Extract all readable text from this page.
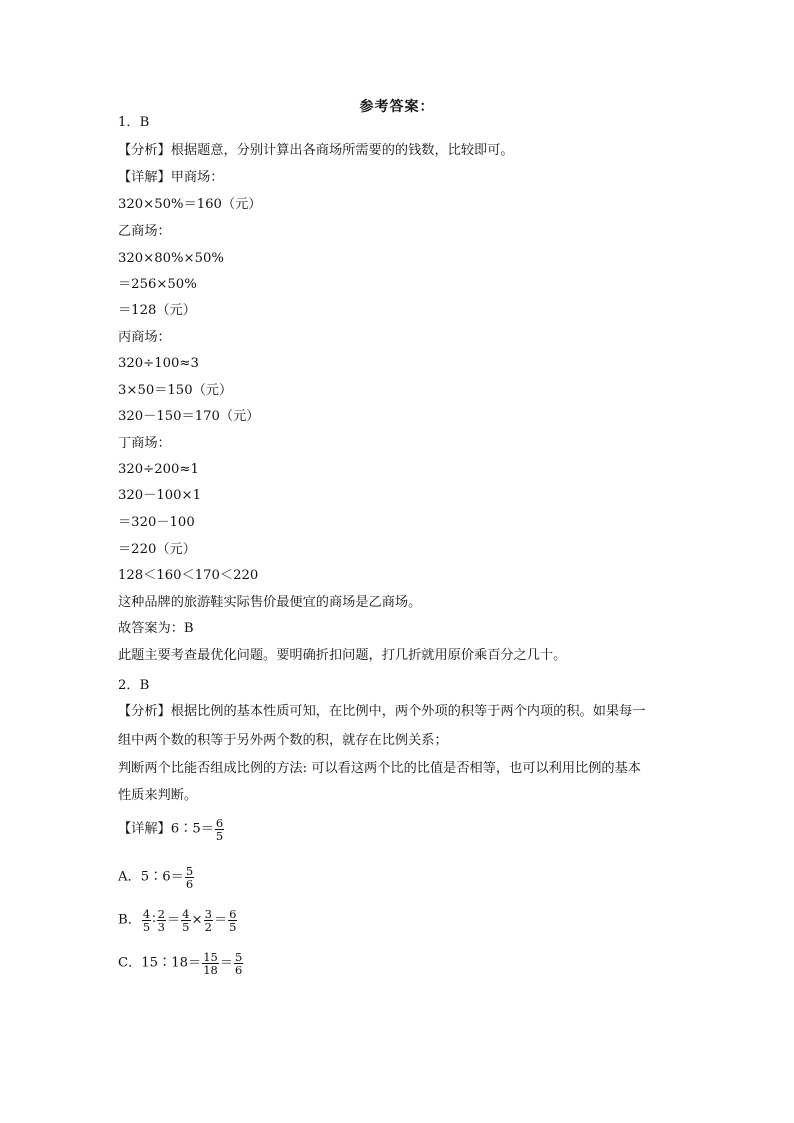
参考答案：
1．B
【分析】根据题意，分别计算出各商场所需要的的钱数，比较即可。
【详解】甲商场：
320×50%＝160（元）
乙商场：
320×80%×50%
＝256×50%
＝128（元）
丙商场：
320÷100≈3
3×50＝150（元）
320－150＝170（元）
丁商场：
320÷200≈1
320－100×1
＝320－100
＝220（元）
128＜160＜170＜220
这种品牌的旅游鞋实际售价最便宜的商场是乙商场。
故答案为：B
此题主要考查最优化问题。要明确折扣问题，打几折就用原价乘百分之几十。
2．B
【分析】根据比例的基本性质可知，在比例中，两个外项的积等于两个内项的积。如果每一
组中两个数的积等于另外两个数的积，就存在比例关系；
判断两个比能否组成比例的方法: 可以看这两个比的比值是否相等，也可以利用比例的基本
性质来判断。
【详解】6∶5＝ $\frac{6}{5}$
A．5∶6＝ $\frac{5}{6}$
B． $\frac{4}{5}$ ∶ $\frac{2}{3} = \frac{4}{5} \times \frac{3}{2} = \frac{6}{5}$
C．15∶18＝ $\frac{15}{18} = \frac{5}{6}$
